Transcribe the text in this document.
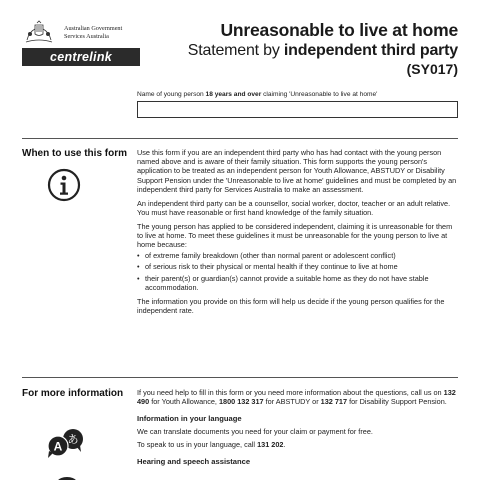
Australian Government
Services Australia
centrelink
Unreasonable to live at home
Statement by independent third party
(SY017)
Name of young person 18 years and over claiming 'Unreasonable to live at home'
When to use this form Use this form if you are an independent third party who has had contact with the young person named above and is aware of their family situation. This form supports the young person's application to be treated as an independent person for Youth Allowance, ABSTUDY or Disability Support Pension under the 'Unreasonable to live at home' guidelines and must be completed by an independent third party for Services Australia to make an assessment.

An independent third party can be a counsellor, social worker, doctor, teacher or an adult relative. You must have reasonable or first hand knowledge of the family situation.

The young person has applied to be considered independent, claiming it is unreasonable for them to live at home. To meet these guidelines it must be unreasonable for the young person to live at home because:

• of extreme family breakdown (other than normal parent or adolescent conflict)
• of serious risk to their physical or mental health if they continue to live at home
• their parent(s) or guardian(s) cannot provide a suitable home as they do not have stable accommodation.

The information you provide on this form will help us decide if the young person qualifies for the independent rate.

For more information If you need help to fill in this form or you need more information about the questions, call us on 132 490 for Youth Allowance, 1800 132 317 for ABSTUDY or 132 717 for Disability Support Pension.

Information in your language

We can translate documents you need for your claim or payment for free.

To speak to us in your language, call 131 202.

Hearing and speech assistance
あ
A
